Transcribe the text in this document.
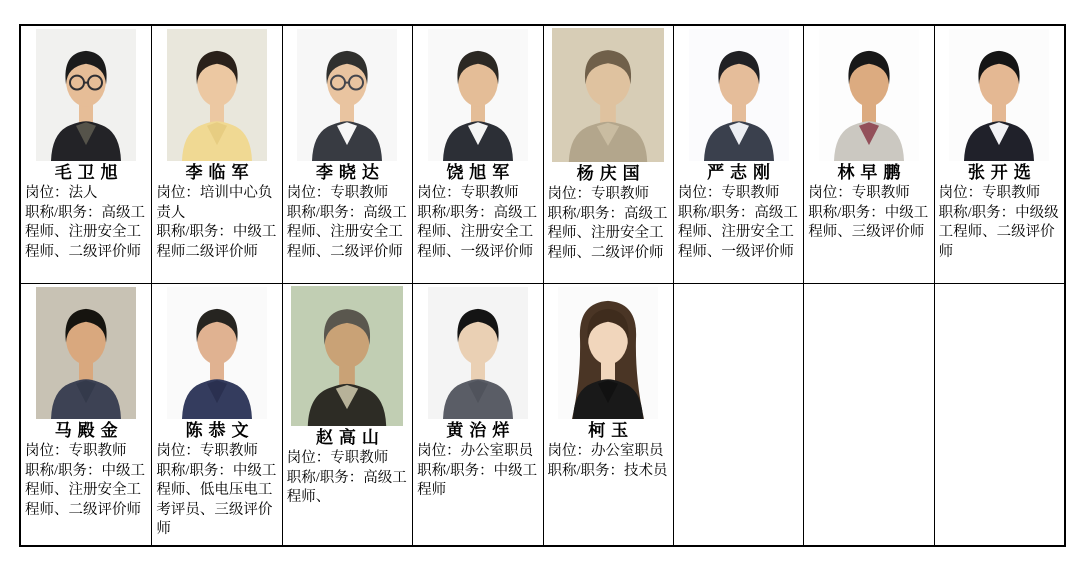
毛卫旭
岗位：法人
职称/职务：高级工程师、注册安全工程师、二级评价师
李临军
岗位：培训中心负责人
职称/职务：中级工程师二级评价师
李晓达
岗位：专职教师
职称/职务：高级工程师、注册安全工程师、二级评价师
饶旭军
岗位：专职教师
职称/职务：高级工程师、注册安全工程师、一级评价师
杨庆国
岗位：专职教师
职称/职务：高级工程师、注册安全工程师、二级评价师
严志刚
岗位：专职教师
职称/职务：高级工程师、注册安全工程师、一级评价师
林早鹏
岗位：专职教师
职称/职务：中级工程师、三级评价师
张开选
岗位：专职教师
职称/职务：中级级工程师、二级评价师
马殿金
岗位：专职教师
职称/职务：中级工程师、注册安全工程师、二级评价师
陈恭文
岗位：专职教师
职称/职务：中级工程师、低电压电工考评员、三级评价师
赵高山
岗位：专职教师
职称/职务：高级工程师、
黄治烊
岗位：办公室职员
职称/职务：中级工程师
柯玉
岗位：办公室职员
职称/职务：技术员
